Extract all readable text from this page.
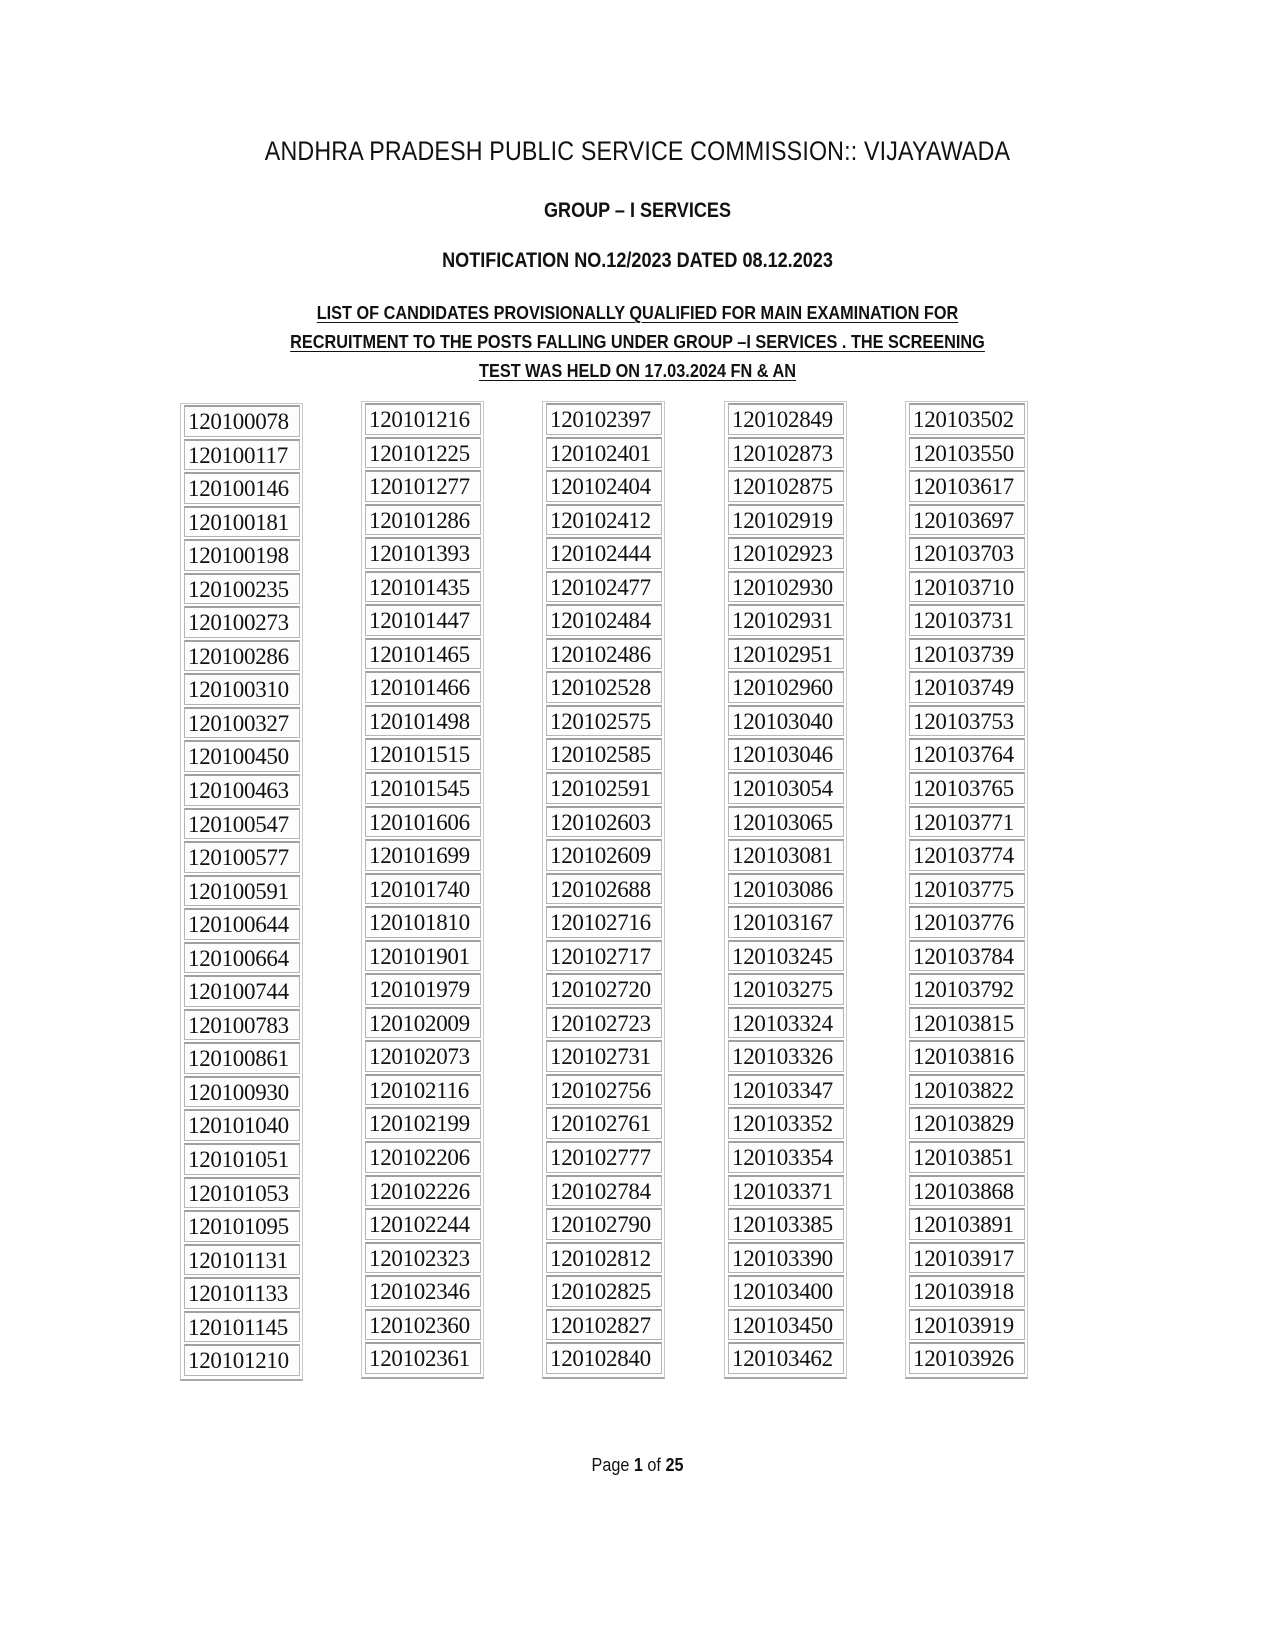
ANDHRA PRADESH PUBLIC SERVICE COMMISSION:: VIJAYAWADA
GROUP – I SERVICES
NOTIFICATION NO.12/2023 DATED 08.12.2023
LIST OF CANDIDATES PROVISIONALLY QUALIFIED FOR MAIN EXAMINATION FOR
RECRUITMENT TO THE POSTS FALLING UNDER GROUP –I SERVICES . THE SCREENING
TEST WAS HELD ON 17.03.2024 FN & AN
120100078
120100117
120100146
120100181
120100198
120100235
120100273
120100286
120100310
120100327
120100450
120100463
120100547
120100577
120100591
120100644
120100664
120100744
120100783
120100861
120100930
120101040
120101051
120101053
120101095
120101131
120101133
120101145
120101210
120101216
120101225
120101277
120101286
120101393
120101435
120101447
120101465
120101466
120101498
120101515
120101545
120101606
120101699
120101740
120101810
120101901
120101979
120102009
120102073
120102116
120102199
120102206
120102226
120102244
120102323
120102346
120102360
120102361
120102397
120102401
120102404
120102412
120102444
120102477
120102484
120102486
120102528
120102575
120102585
120102591
120102603
120102609
120102688
120102716
120102717
120102720
120102723
120102731
120102756
120102761
120102777
120102784
120102790
120102812
120102825
120102827
120102840
120102849
120102873
120102875
120102919
120102923
120102930
120102931
120102951
120102960
120103040
120103046
120103054
120103065
120103081
120103086
120103167
120103245
120103275
120103324
120103326
120103347
120103352
120103354
120103371
120103385
120103390
120103400
120103450
120103462
120103502
120103550
120103617
120103697
120103703
120103710
120103731
120103739
120103749
120103753
120103764
120103765
120103771
120103774
120103775
120103776
120103784
120103792
120103815
120103816
120103822
120103829
120103851
120103868
120103891
120103917
120103918
120103919
120103926
Page 1 of 25
